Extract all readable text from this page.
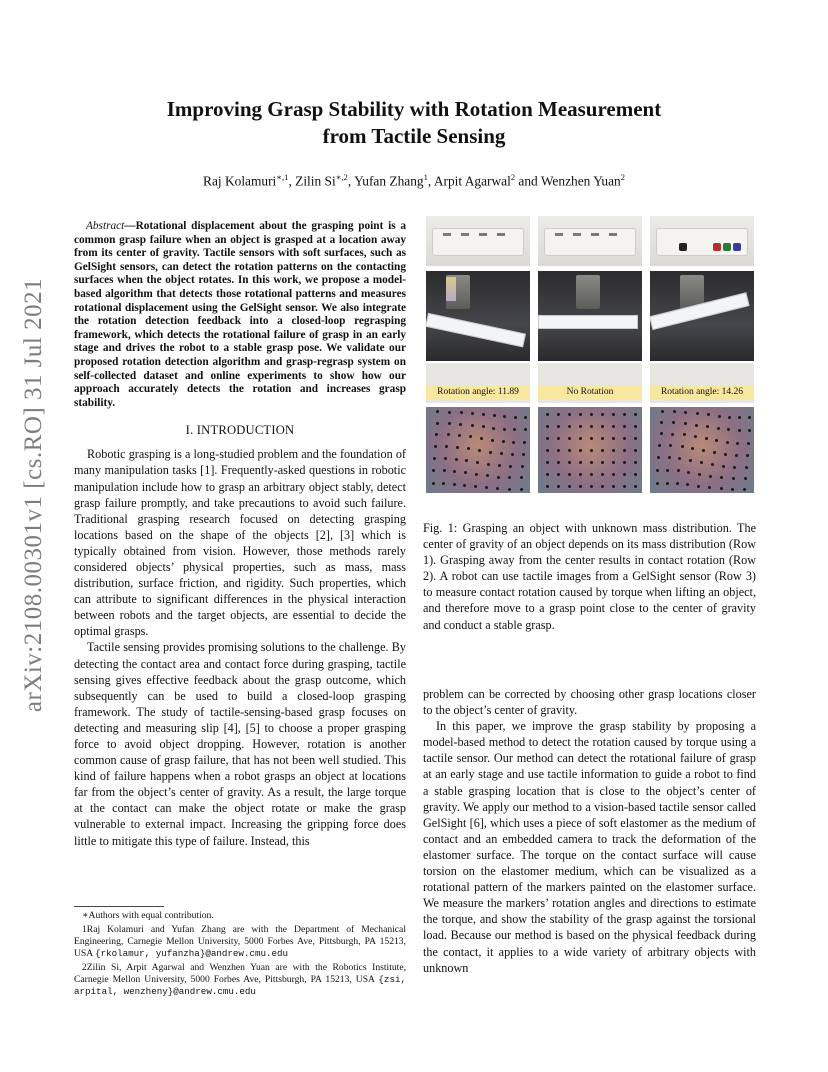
arXiv:2108.00301v1 [cs.RO] 31 Jul 2021
Improving Grasp Stability with Rotation Measurement
from Tactile Sensing
Raj Kolamuri$^{∗,1}$, Zilin $Si^{∗,2}$, Yufan Zhang$^1$, Arpit Agarwal$^2$ and Wenzhen Yuan$^2$

Abstract—Rotational displacement about the grasping point is a common grasp failure when an object is grasped at a location away from its center of gravity. Tactile sensors with soft surfaces, such as GelSight sensors, can detect the rotation patterns on the contacting surfaces when the object rotates. In this work, we propose a model-based algorithm that detects those rotational patterns and measures rotational displacement using the GelSight sensor. We also integrate the rotation detection feedback into a closed-loop regrasping framework, which detects the rotational failure of grasp in an early stage and drives the robot to a stable grasp pose. We validate our proposed rotation detection algorithm and grasp-regrasp system on self-collected dataset and online experiments to show how our approach accurately detects the rotation and increases grasp stability.

I. INTRODUCTION

Robotic grasping is a long-studied problem and the foundation of many manipulation tasks [1]. Frequently-asked questions in robotic manipulation include how to grasp an arbitrary object stably, detect grasp failure promptly, and take precautions to avoid such failure. Traditional grasping research focused on detecting grasping locations based on the shape of the objects [2], [3] which is typically obtained from vision. However, those methods rarely considered objects’ physical properties, such as mass, mass distribution, surface friction, and rigidity. Such properties, which can attribute to significant differences in the physical interaction between robots and the target objects, are essential to decide the optimal grasps.

Tactile sensing provides promising solutions to the challenge. By detecting the contact area and contact force during grasping, tactile sensing gives effective feedback about the grasp outcome, which subsequently can be used to build a closed-loop grasping framework. The study of tactile-sensing-based grasp focuses on detecting and measuring slip [4], [5] to choose a proper grasping force to avoid object dropping. However, rotation is another common cause of grasp failure, that has not been well studied. This kind of failure happens when a robot grasps an object at locations far from the object’s center of gravity. As a result, the large torque at the contact can make the object rotate or make the grasp vulnerable to external impact. Increasing the gripping force does little to mitigate this type of failure. Instead, this

∗Authors with equal contribution.

1Raj Kolamuri and Yufan Zhang are with the Department of Mechanical Engineering, Carnegie Mellon University, 5000 Forbes Ave, Pittsburgh, PA 15213, USA {rkolamur, yufanzha}@andrew.cmu.edu

2Zilin Si, Arpit Agarwal and Wenzhen Yuan are with the Robotics Institute, Carnegie Mellon University, 5000 Forbes Ave, Pittsburgh, PA 15213, USA {zsi, arpital, wenzheny}@andrew.cmu.edu

Rotation angle: 11.89	No Rotation	Rotation angle: 14.26
Fig. 1: Grasping an object with unknown mass distribution. The center of gravity of an object depends on its mass distribution (Row 1). Grasping away from the center results in contact rotation (Row 2). A robot can use tactile images from a GelSight sensor (Row 3) to measure contact rotation caused by torque when lifting an object, and therefore move to a grasp point close to the center of gravity and conduct a stable grasp.

problem can be corrected by choosing other grasp locations closer to the object’s center of gravity.

In this paper, we improve the grasp stability by proposing a model-based method to detect the rotation caused by torque using a tactile sensor. Our method can detect the rotational failure of grasp at an early stage and use tactile information to guide a robot to find a stable grasping location that is close to the object’s center of gravity. We apply our method to a vision-based tactile sensor called GelSight [6], which uses a piece of soft elastomer as the medium of contact and an embedded camera to track the deformation of the elastomer surface. The torque on the contact surface will cause torsion on the elastomer medium, which can be visualized as a rotational pattern of the markers painted on the elastomer surface. We measure the markers’ rotation angles and directions to estimate the torque, and show the stability of the grasp against the torsional load. Because our method is based on the physical feedback during the contact, it applies to a wide variety of arbitrary objects with unknown
